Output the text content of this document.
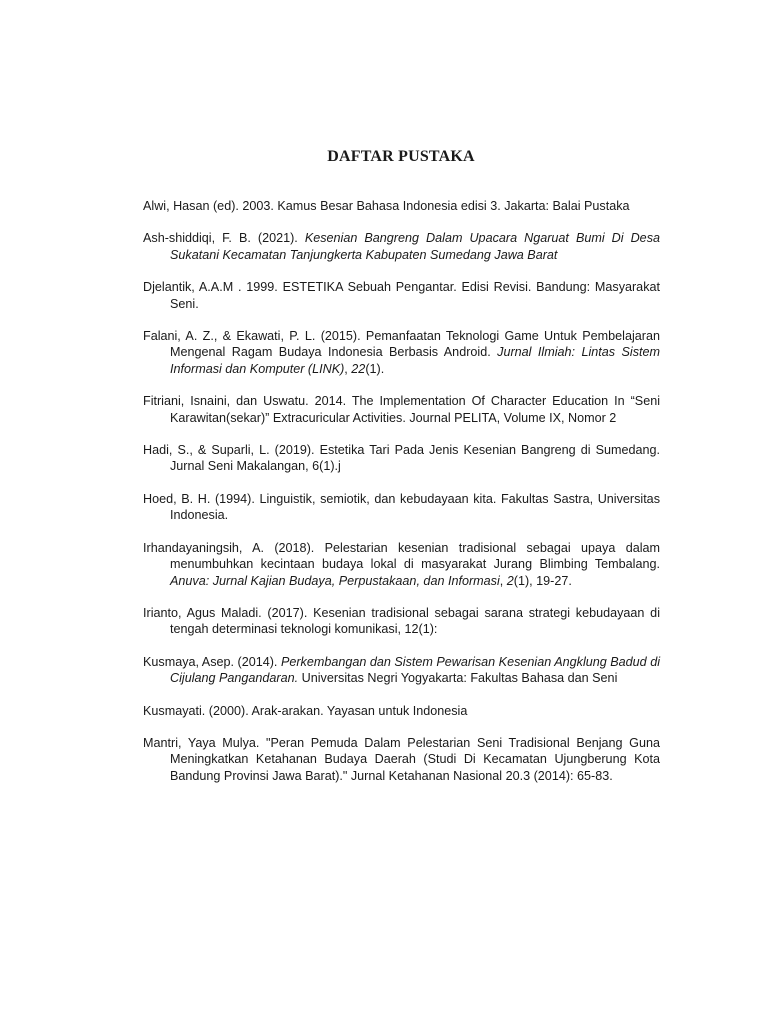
DAFTAR PUSTAKA
Alwi, Hasan (ed). 2003. Kamus Besar Bahasa Indonesia edisi 3. Jakarta: Balai Pustaka
Ash-shiddiqi, F. B. (2021). Kesenian Bangreng Dalam Upacara Ngaruat Bumi Di Desa Sukatani Kecamatan Tanjungkerta Kabupaten Sumedang Jawa Barat
Djelantik, A.A.M . 1999. ESTETIKA Sebuah Pengantar. Edisi Revisi. Bandung: Masyarakat Seni.
Falani, A. Z., & Ekawati, P. L. (2015). Pemanfaatan Teknologi Game Untuk Pembelajaran Mengenal Ragam Budaya Indonesia Berbasis Android. Jurnal Ilmiah: Lintas Sistem Informasi dan Komputer (LINK), 22(1).
Fitriani, Isnaini, dan Uswatu. 2014. The Implementation Of Character Education In “Seni Karawitan(sekar)” Extracuricular Activities. Journal PELITA, Volume IX, Nomor 2
Hadi, S., & Suparli, L. (2019). Estetika Tari Pada Jenis Kesenian Bangreng di Sumedang. Jurnal Seni Makalangan, 6(1).j
Hoed, B. H. (1994). Linguistik, semiotik, dan kebudayaan kita. Fakultas Sastra, Universitas Indonesia.
Irhandayaningsih, A. (2018). Pelestarian kesenian tradisional sebagai upaya dalam menumbuhkan kecintaan budaya lokal di masyarakat Jurang Blimbing Tembalang. Anuva: Jurnal Kajian Budaya, Perpustakaan, dan Informasi, 2(1), 19-27.
Irianto, Agus Maladi. (2017). Kesenian tradisional sebagai sarana strategi kebudayaan di tengah determinasi teknologi komunikasi, 12(1):
Kusmaya, Asep. (2014). Perkembangan dan Sistem Pewarisan Kesenian Angklung Badud di Cijulang Pangandaran. Universitas Negri Yogyakarta: Fakultas Bahasa dan Seni
Kusmayati. (2000). Arak-arakan. Yayasan untuk Indonesia
Mantri, Yaya Mulya. "Peran Pemuda Dalam Pelestarian Seni Tradisional Benjang Guna Meningkatkan Ketahanan Budaya Daerah (Studi Di Kecamatan Ujungberung Kota Bandung Provinsi Jawa Barat)." Jurnal Ketahanan Nasional 20.3 (2014): 65-83.
